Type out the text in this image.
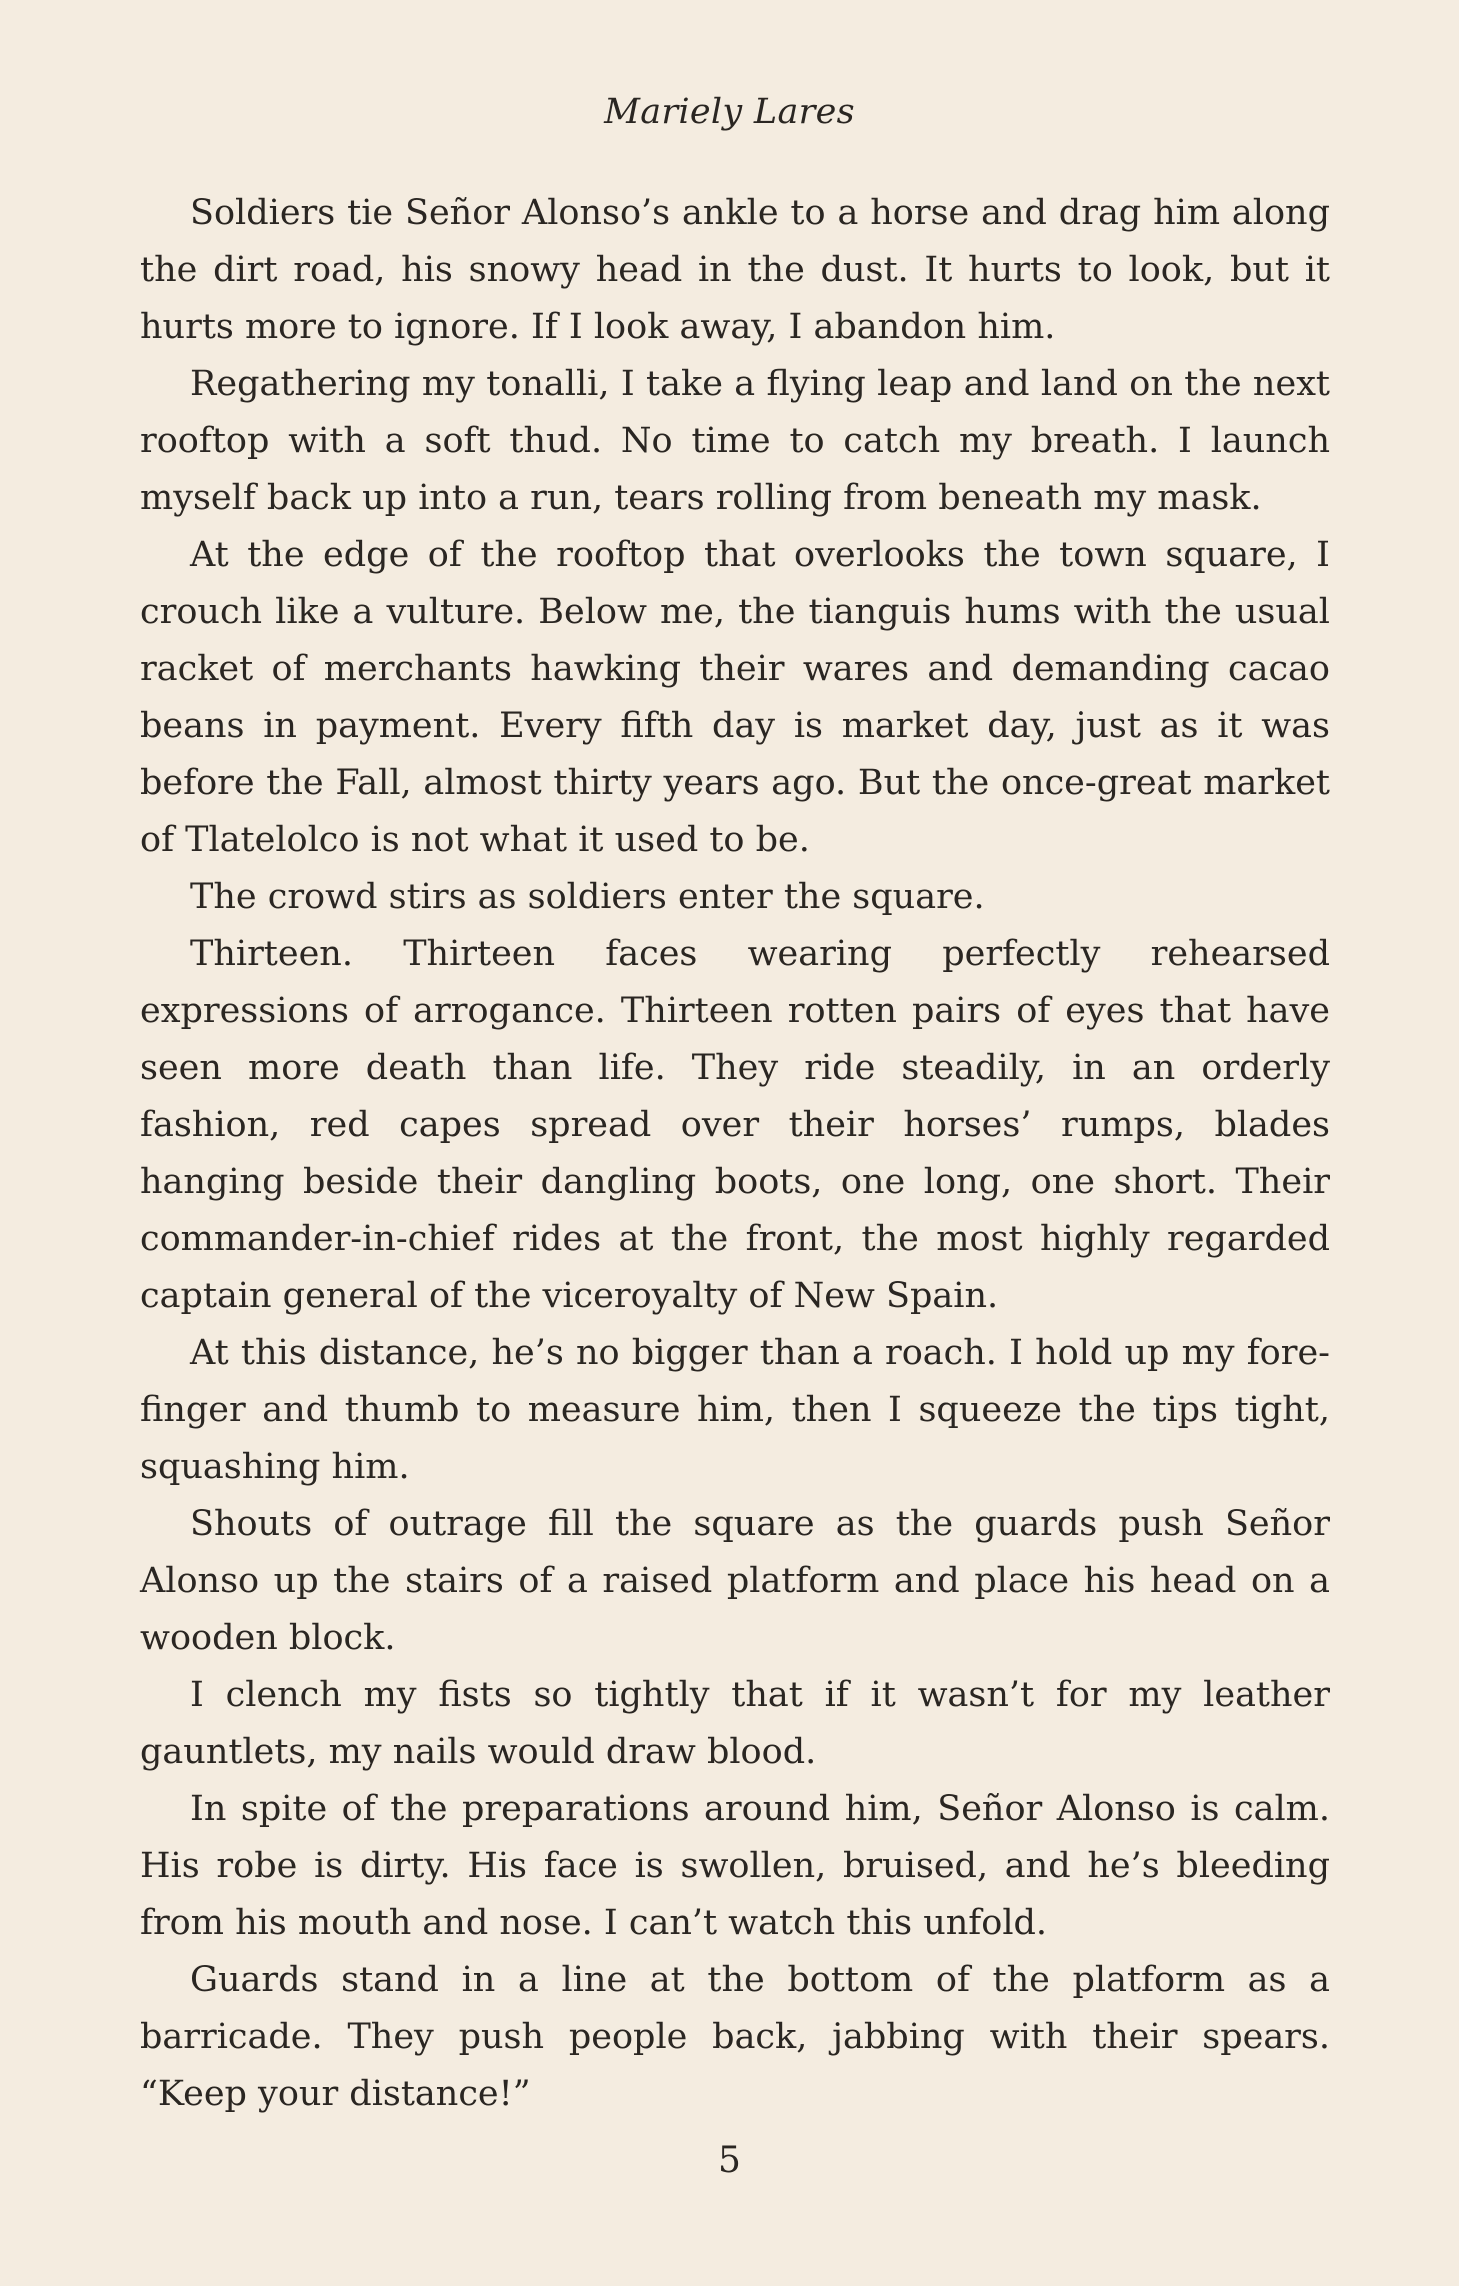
Mariely Lares

Soldiers tie Señor Alonso’s ankle to a horse and drag him along the dirt road, his snowy head in the dust. It hurts to look, but it hurts more to ignore. If I look away, I abandon him.

Regathering my tonalli, I take a flying leap and land on the next rooftop with a soft thud. No time to catch my breath. I launch myself back up into a run, tears rolling from beneath my mask.

At the edge of the rooftop that overlooks the town square, I crouch like a vulture. Below me, the tianguis hums with the usual racket of merchants hawking their wares and demanding cacao beans in payment. Every fifth day is market day, just as it was before the Fall, almost thirty years ago. But the once-great market of Tlatelolco is not what it used to be.

The crowd stirs as soldiers enter the square.

Thirteen. Thirteen faces wearing perfectly rehearsed expressions of arrogance. Thirteen rotten pairs of eyes that have seen more death than life. They ride steadily, in an orderly fashion, red capes spread over their horses’ rumps, blades hanging beside their dangling boots, one long, one short. Their commander-in-chief rides at the front, the most highly regarded captain general of the viceroyalty of New Spain.

At this distance, he’s no bigger than a roach. I hold up my forefinger and thumb to measure him, then I squeeze the tips tight, squashing him.

Shouts of outrage fill the square as the guards push Señor Alonso up the stairs of a raised platform and place his head on a wooden block.

I clench my fists so tightly that if it wasn’t for my leather gauntlets, my nails would draw blood.

In spite of the preparations around him, Señor Alonso is calm. His robe is dirty. His face is swollen, bruised, and he’s bleeding from his mouth and nose. I can’t watch this unfold.

Guards stand in a line at the bottom of the platform as a barricade. They push people back, jabbing with their spears. “Keep your distance!”

5
